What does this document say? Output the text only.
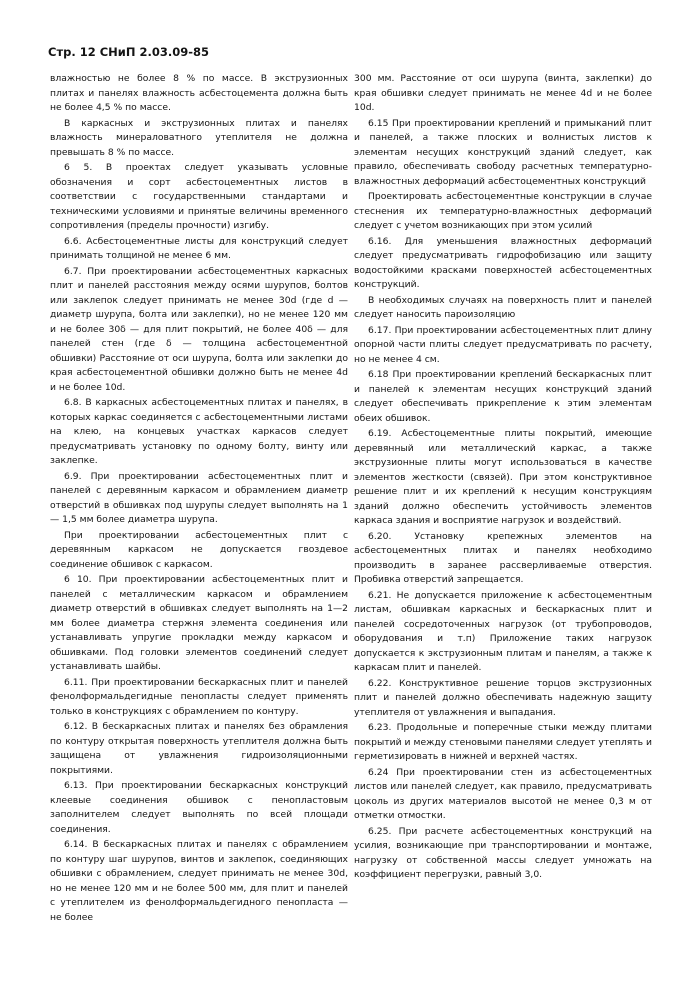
Стр. 12 СНиП 2.03.09-85

влажностью не более 8 % по массе. В экструзионных плитах и панелях влажность асбестоцемента должна быть не более 4,5 % по массе.

В каркасных и экструзионных плитах и панелях влажность минераловатного утеплителя не должна превышать 8 % по массе.

6 5. В проектах следует указывать условные обозначения и сорт асбестоцементных листов в соответствии с государственными стандартами и техническими условиями и принятые величины временного сопротивления (пределы прочности) изгибу.

6.6. Асбестоцементные листы для конструкций следует принимать толщиной не менее 6 мм.

6.7. При проектировании асбестоцементных каркасных плит и панелей расстояния между осями шурупов, болтов или заклепок следует принимать не менее 30d (где d — диаметр шурупа, болта или заклепки), но не менее 120 мм и не более 30δ — для плит покрытий, не более 40δ — для панелей стен (где δ — толщина асбестоцементной обшивки) Расстояние от оси шурупа, болта или заклепки до края асбестоцементной обшивки должно быть не менее 4d и не более 10d.

6.8. В каркасных асбестоцементных плитах и панелях, в которых каркас соединяется с асбестоцементными листами на клею, на концевых участках каркасов следует предусматривать установку по одному болту, винту или заклепке.

6.9. При проектировании асбестоцементных плит и панелей с деревянным каркасом и обрамлением диаметр отверстий в обшивках под шурупы следует выполнять на 1 — 1,5 мм более диаметра шурупа.

При проектировании асбестоцементных плит с деревянным каркасом не допускается гвоздевое соединение обшивок с каркасом.

6 10. При проектировании асбестоцементных плит и панелей с металлическим каркасом и обрамлением диаметр отверстий в обшивках следует выполнять на 1—2 мм более диаметра стержня элемента соединения или устанавливать упругие прокладки между каркасом и обшивками. Под головки элементов соединений следует устанавливать шайбы.

6.11. При проектировании бескаркасных плит и панелей фенолформальдегидные пенопласты следует применять только в конструкциях с обрамлением по контуру.

6.12. В бескаркасных плитах и панелях без обрамления по контуру открытая поверхность утеплителя должна быть защищена от увлажнения гидроизоляционными покрытиями.

6.13. При проектировании бескаркасных конструкций клеевые соединения обшивок с пенопластовым заполнителем следует выполнять по всей площади соединения.

6.14. В бескаркасных плитах и панелях с обрамлением по контуру шаг шурупов, винтов и заклепок, соединяющих обшивки с обрамлением, следует принимать не менее 30d, но не менее 120 мм и не более 500 мм, для плит и панелей с утеплителем из фенолформальдегидного пенопласта — не более

300 мм. Расстояние от оси шурупа (винта, заклепки) до края обшивки следует принимать не менее 4d и не более 10d.

6.15 При проектировании креплений и примыканий плит и панелей, а также плоских и волнистых листов к элементам несущих конструкций зданий следует, как правило, обеспечивать свободу расчетных температурно-влажностных деформаций асбестоцементных конструкций

Проектировать асбестоцементные конструкции в случае стеснения их температурно-влажностных деформаций следует с учетом возникающих при этом усилий

6.16. Для уменьшения влажностных деформаций следует предусматривать гидрофобизацию или защиту водостойкими красками поверхностей асбестоцементных конструкций.

В необходимых случаях на поверхность плит и панелей следует наносить пароизоляцию

6.17. При проектировании асбестоцементных плит длину опорной части плиты следует предусматривать по расчету, но не менее 4 см.

6.18 При проектировании креплений бескаркасных плит и панелей к элементам несущих конструкций зданий следует обеспечивать прикрепление к этим элементам обеих обшивок.

6.19. Асбестоцементные плиты покрытий, имеющие деревянный или металлический каркас, а также экструзионные плиты могут использоваться в качестве элементов жесткости (связей). При этом конструктивное решение плит и их креплений к несущим конструкциям зданий должно обеспечить устойчивость элементов каркаса здания и восприятие нагрузок и воздействий.

6.20. Установку крепежных элементов на асбестоцементных плитах и панелях необходимо производить в заранее рассверливаемые отверстия. Пробивка отверстий запрещается.

6.21. Не допускается приложение к асбестоцементным листам, обшивкам каркасных и бескаркасных плит и панелей сосредоточенных нагрузок (от трубопроводов, оборудования и т.п) Приложение таких нагрузок допускается к экструзионным плитам и панелям, а также к каркасам плит и панелей.

6.22. Конструктивное решение торцов экструзионных плит и панелей должно обеспечивать надежную защиту утеплителя от увлажнения и выпадания.

6.23. Продольные и поперечные стыки между плитами покрытий и между стеновыми панелями следует утеплять и герметизировать в нижней и верхней частях.

6.24 При проектировании стен из асбестоцементных листов или панелей следует, как правило, предусматривать цоколь из других материалов высотой не менее 0,3 м от отметки отмостки.

6.25. При расчете асбестоцементных конструкций на усилия, возникающие при транспортировании и монтаже, нагрузку от собственной массы следует умножать на коэффициент перегрузки, равный 3,0.
